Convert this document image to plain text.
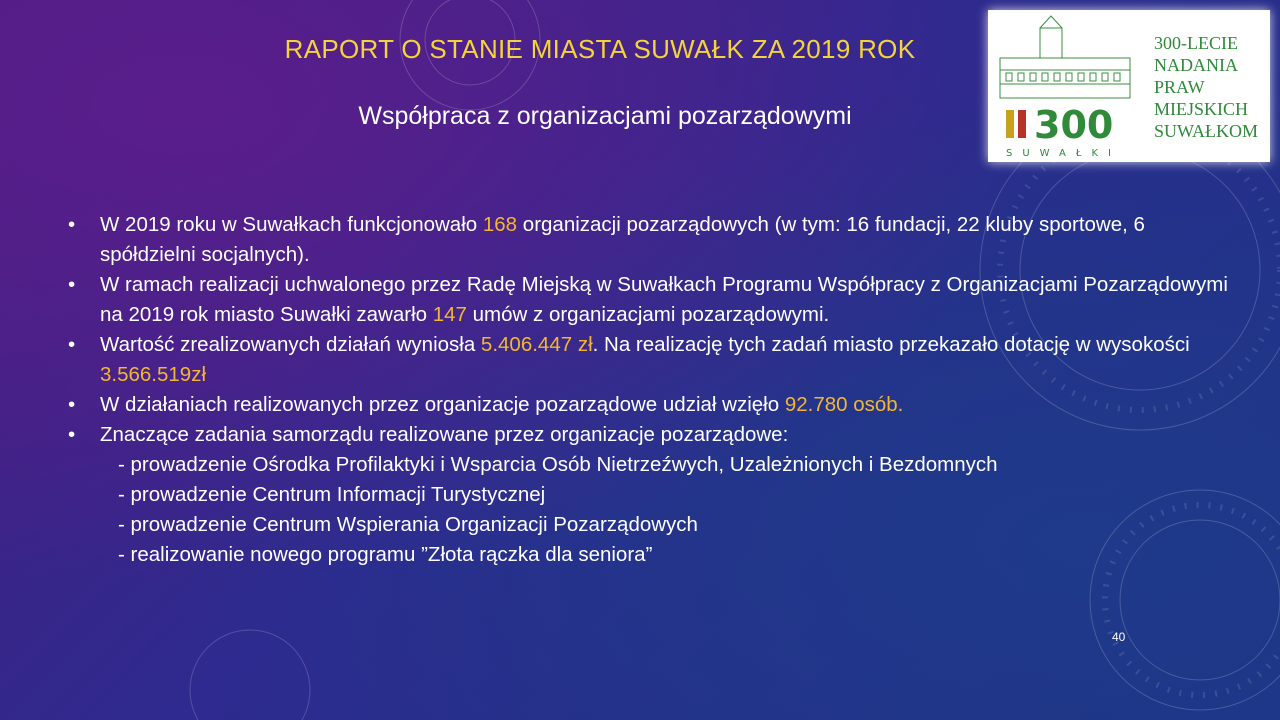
RAPORT O STANIE MIASTA SUWAŁK ZA 2019 ROK
Współpraca z organizacjami pozarządowymi	300
SUWAŁKI
300-LECIE
NADANIA
PRAW
MIEJSKICH
SUWAŁKOM
• W 2019 roku w Suwałkach funkcjonowało 168 organizacji pozarządowych (w tym: 16 fundacji, 22 kluby sportowe, 6 spółdzielni socjalnych).
• W ramach realizacji uchwalonego przez Radę Miejską w Suwałkach Programu Współpracy z Organizacjami Pozarządowymi na 2019 rok miasto Suwałki zawarło 147 umów z organizacjami pozarządowymi.
• Wartość zrealizowanych działań wyniosła 5.406.447 zł. Na realizację tych zadań miasto przekazało dotację w wysokości 3.566.519zł
• W działaniach realizowanych przez organizacje pozarządowe udział wzięło 92.780 osób.
• Znaczące zadania samorządu realizowane przez organizacje pozarządowe:
- prowadzenie Ośrodka Profilaktyki i Wsparcia Osób Nietrzeźwych, Uzależnionych i Bezdomnych
- prowadzenie Centrum Informacji Turystycznej
- prowadzenie Centrum Wspierania Organizacji Pozarządowych
- realizowanie nowego programu ”Złota rączka dla seniora”
40
